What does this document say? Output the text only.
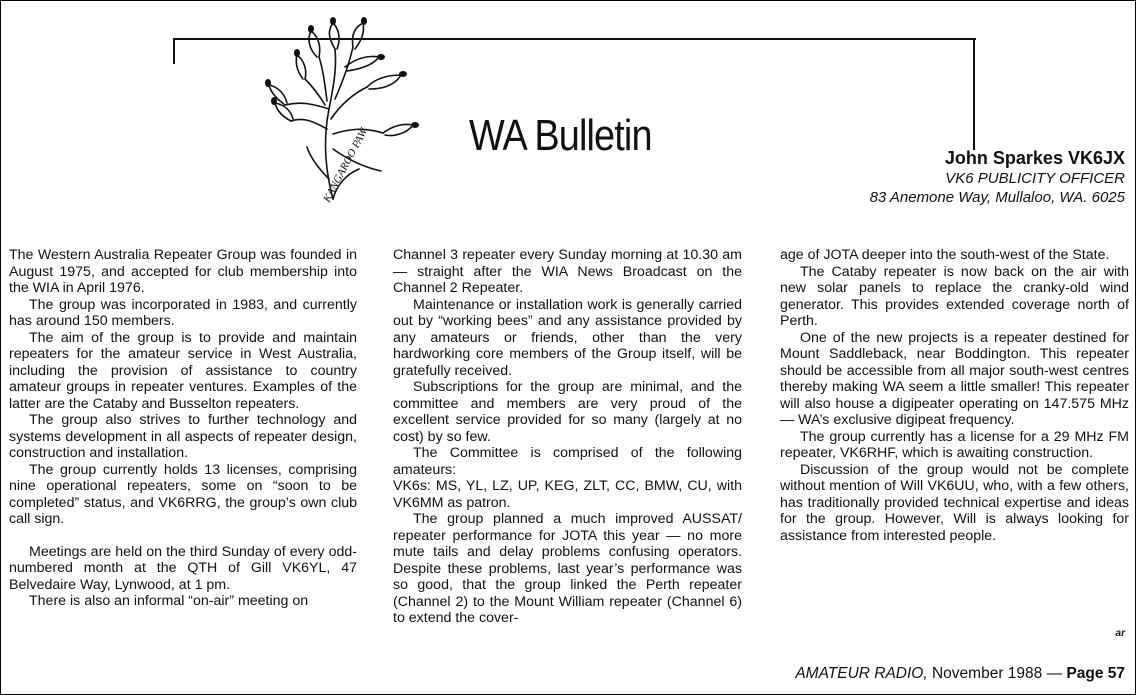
KANGAROO PAW WA Bulletin	John Sparkes VK6JX
VK6 PUBLICITY OFFICER
83 Anemone Way, Mullaloo, WA. 6025

The Western Australia Repeater Group was founded in August 1975, and accepted for club membership into the WIA in April 1976.

The group was incorporated in 1983, and currently has around 150 members.

The aim of the group is to provide and maintain repeaters for the amateur service in West Australia, including the provision of assistance to country amateur groups in repeater ventures. Examples of the latter are the Cataby and Busselton repeaters.

The group also strives to further technology and systems development in all aspects of repeater design, construction and installation.

The group currently holds 13 licenses, comprising nine operational repeaters, some on “soon to be completed” status, and VK6RRG, the group’s own club call sign.

Meetings are held on the third Sunday of every odd-numbered month at the QTH of Gill VK6YL, 47 Belvedaire Way, Lynwood, at 1 pm.

There is also an informal “on-air” meeting on

Channel 3 repeater every Sunday morning at 10.30 am — straight after the WIA News Broadcast on the Channel 2 Repeater.

Maintenance or installation work is generally carried out by “working bees” and any assistance provided by any amateurs or friends, other than the very hardworking core members of the Group itself, will be gratefully received.

Subscriptions for the group are minimal, and the committee and members are very proud of the excellent service provided for so many (largely at no cost) by so few.

The Committee is comprised of the following amateurs:

VK6s: MS, YL, LZ, UP, KEG, ZLT, CC, BMW, CU, with VK6MM as patron.

The group planned a much improved AUSSAT/ repeater performance for JOTA this year — no more mute tails and delay problems confusing operators. Despite these problems, last year’s performance was so good, that the group linked the Perth repeater (Channel 2) to the Mount William repeater (Channel 6) to extend the cover-

age of JOTA deeper into the south-west of the State.

The Cataby repeater is now back on the air with new solar panels to replace the cranky-old wind generator. This provides extended coverage north of Perth.

One of the new projects is a repeater destined for Mount Saddleback, near Boddington. This repeater should be accessible from all major south-west centres thereby making WA seem a little smaller! This repeater will also house a digipeater operating on 147.575 MHz — WA’s exclusive digipeat frequency.

The group currently has a license for a 29 MHz FM repeater, VK6RHF, which is awaiting construction.

Discussion of the group would not be complete without mention of Will VK6UU, who, with a few others, has traditionally provided technical expertise and ideas for the group. However, Will is always looking for assistance from interested people.

ar
AMATEUR RADIO, November 1988 — Page 57
